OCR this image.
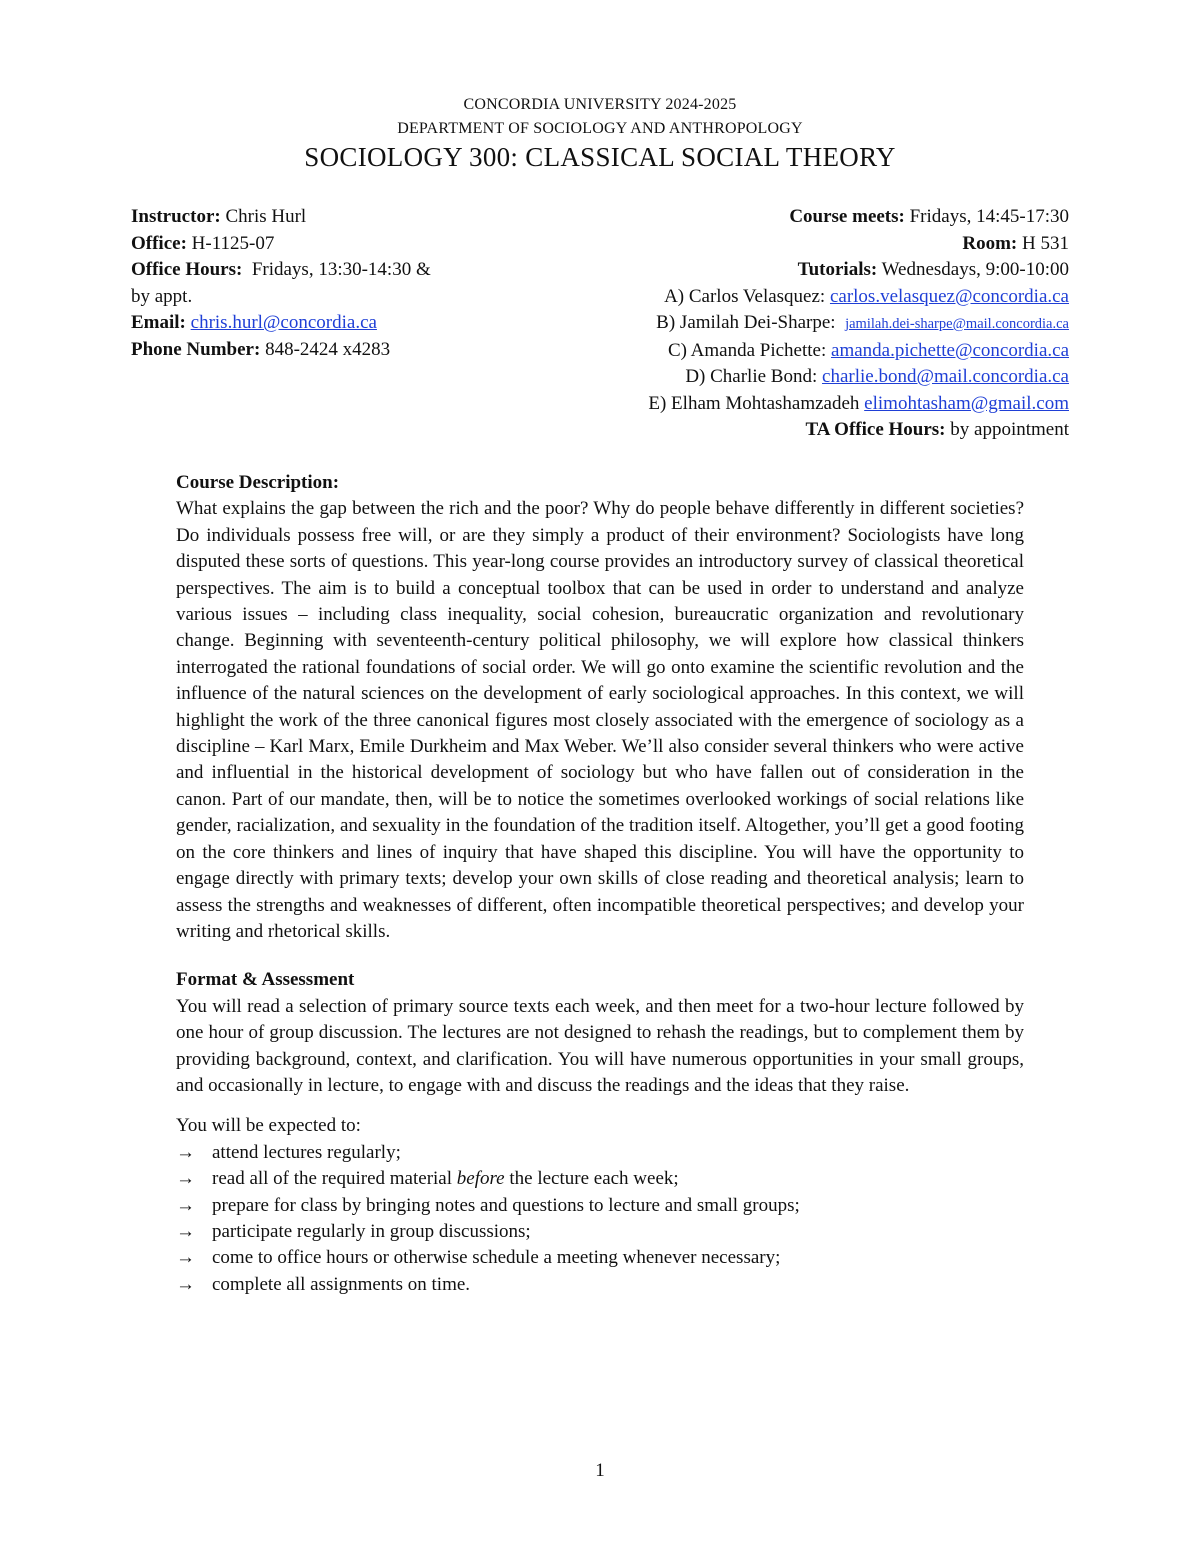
CONCORDIA UNIVERSITY 2024-2025
DEPARTMENT OF SOCIOLOGY AND ANTHROPOLOGY
SOCIOLOGY 300: CLASSICAL SOCIAL THEORY
Instructor: Chris Hurl
Office: H-1125-07
Office Hours:  Fridays, 13:30-14:30 &
by appt.
Email: chris.hurl@concordia.ca
Phone Number: 848-2424 x4283
Course meets: Fridays, 14:45-17:30
Room: H 531
Tutorials: Wednesdays, 9:00-10:00
A) Carlos Velasquez: carlos.velasquez@concordia.ca
B) Jamilah Dei-Sharpe:  jamilah.dei-sharpe@mail.concordia.ca
C) Amanda Pichette: amanda.pichette@concordia.ca
D) Charlie Bond: charlie.bond@mail.concordia.ca
E) Elham Mohtashamzadeh elimohtasham@gmail.com
TA Office Hours: by appointment

Course Description:

What explains the gap between the rich and the poor? Why do people behave differently in different societies? Do individuals possess free will, or are they simply a product of their environment? Sociologists have long disputed these sorts of questions. This year-long course provides an introductory survey of classical theoretical perspectives. The aim is to build a conceptual toolbox that can be used in order to understand and analyze various issues – including class inequality, social cohesion, bureaucratic organization and revolutionary change. Beginning with seventeenth-century political philosophy, we will explore how classical thinkers interrogated the rational foundations of social order. We will go onto examine the scientific revolution and the influence of the natural sciences on the development of early sociological approaches. In this context, we will highlight the work of the three canonical figures most closely associated with the emergence of sociology as a discipline – Karl Marx, Emile Durkheim and Max Weber. We’ll also consider several thinkers who were active and influential in the historical development of sociology but who have fallen out of consideration in the canon. Part of our mandate, then, will be to notice the sometimes overlooked workings of social relations like gender, racialization, and sexuality in the foundation of the tradition itself. Altogether, you’ll get a good footing on the core thinkers and lines of inquiry that have shaped this discipline. You will have the opportunity to engage directly with primary texts; develop your own skills of close reading and theoretical analysis; learn to assess the strengths and weaknesses of different, often incompatible theoretical perspectives; and develop your writing and rhetorical skills.

Format & Assessment

You will read a selection of primary source texts each week, and then meet for a two-hour lecture followed by one hour of group discussion. The lectures are not designed to rehash the readings, but to complement them by providing background, context, and clarification. You will have numerous opportunities in your small groups, and occasionally in lecture, to engage with and discuss the readings and the ideas that they raise.

You will be expected to:

→ attend lectures regularly;
→ read all of the required material before the lecture each week;
→ prepare for class by bringing notes and questions to lecture and small groups;
→ participate regularly in group discussions;
→ come to office hours or otherwise schedule a meeting whenever necessary;
→ complete all assignments on time.
1
